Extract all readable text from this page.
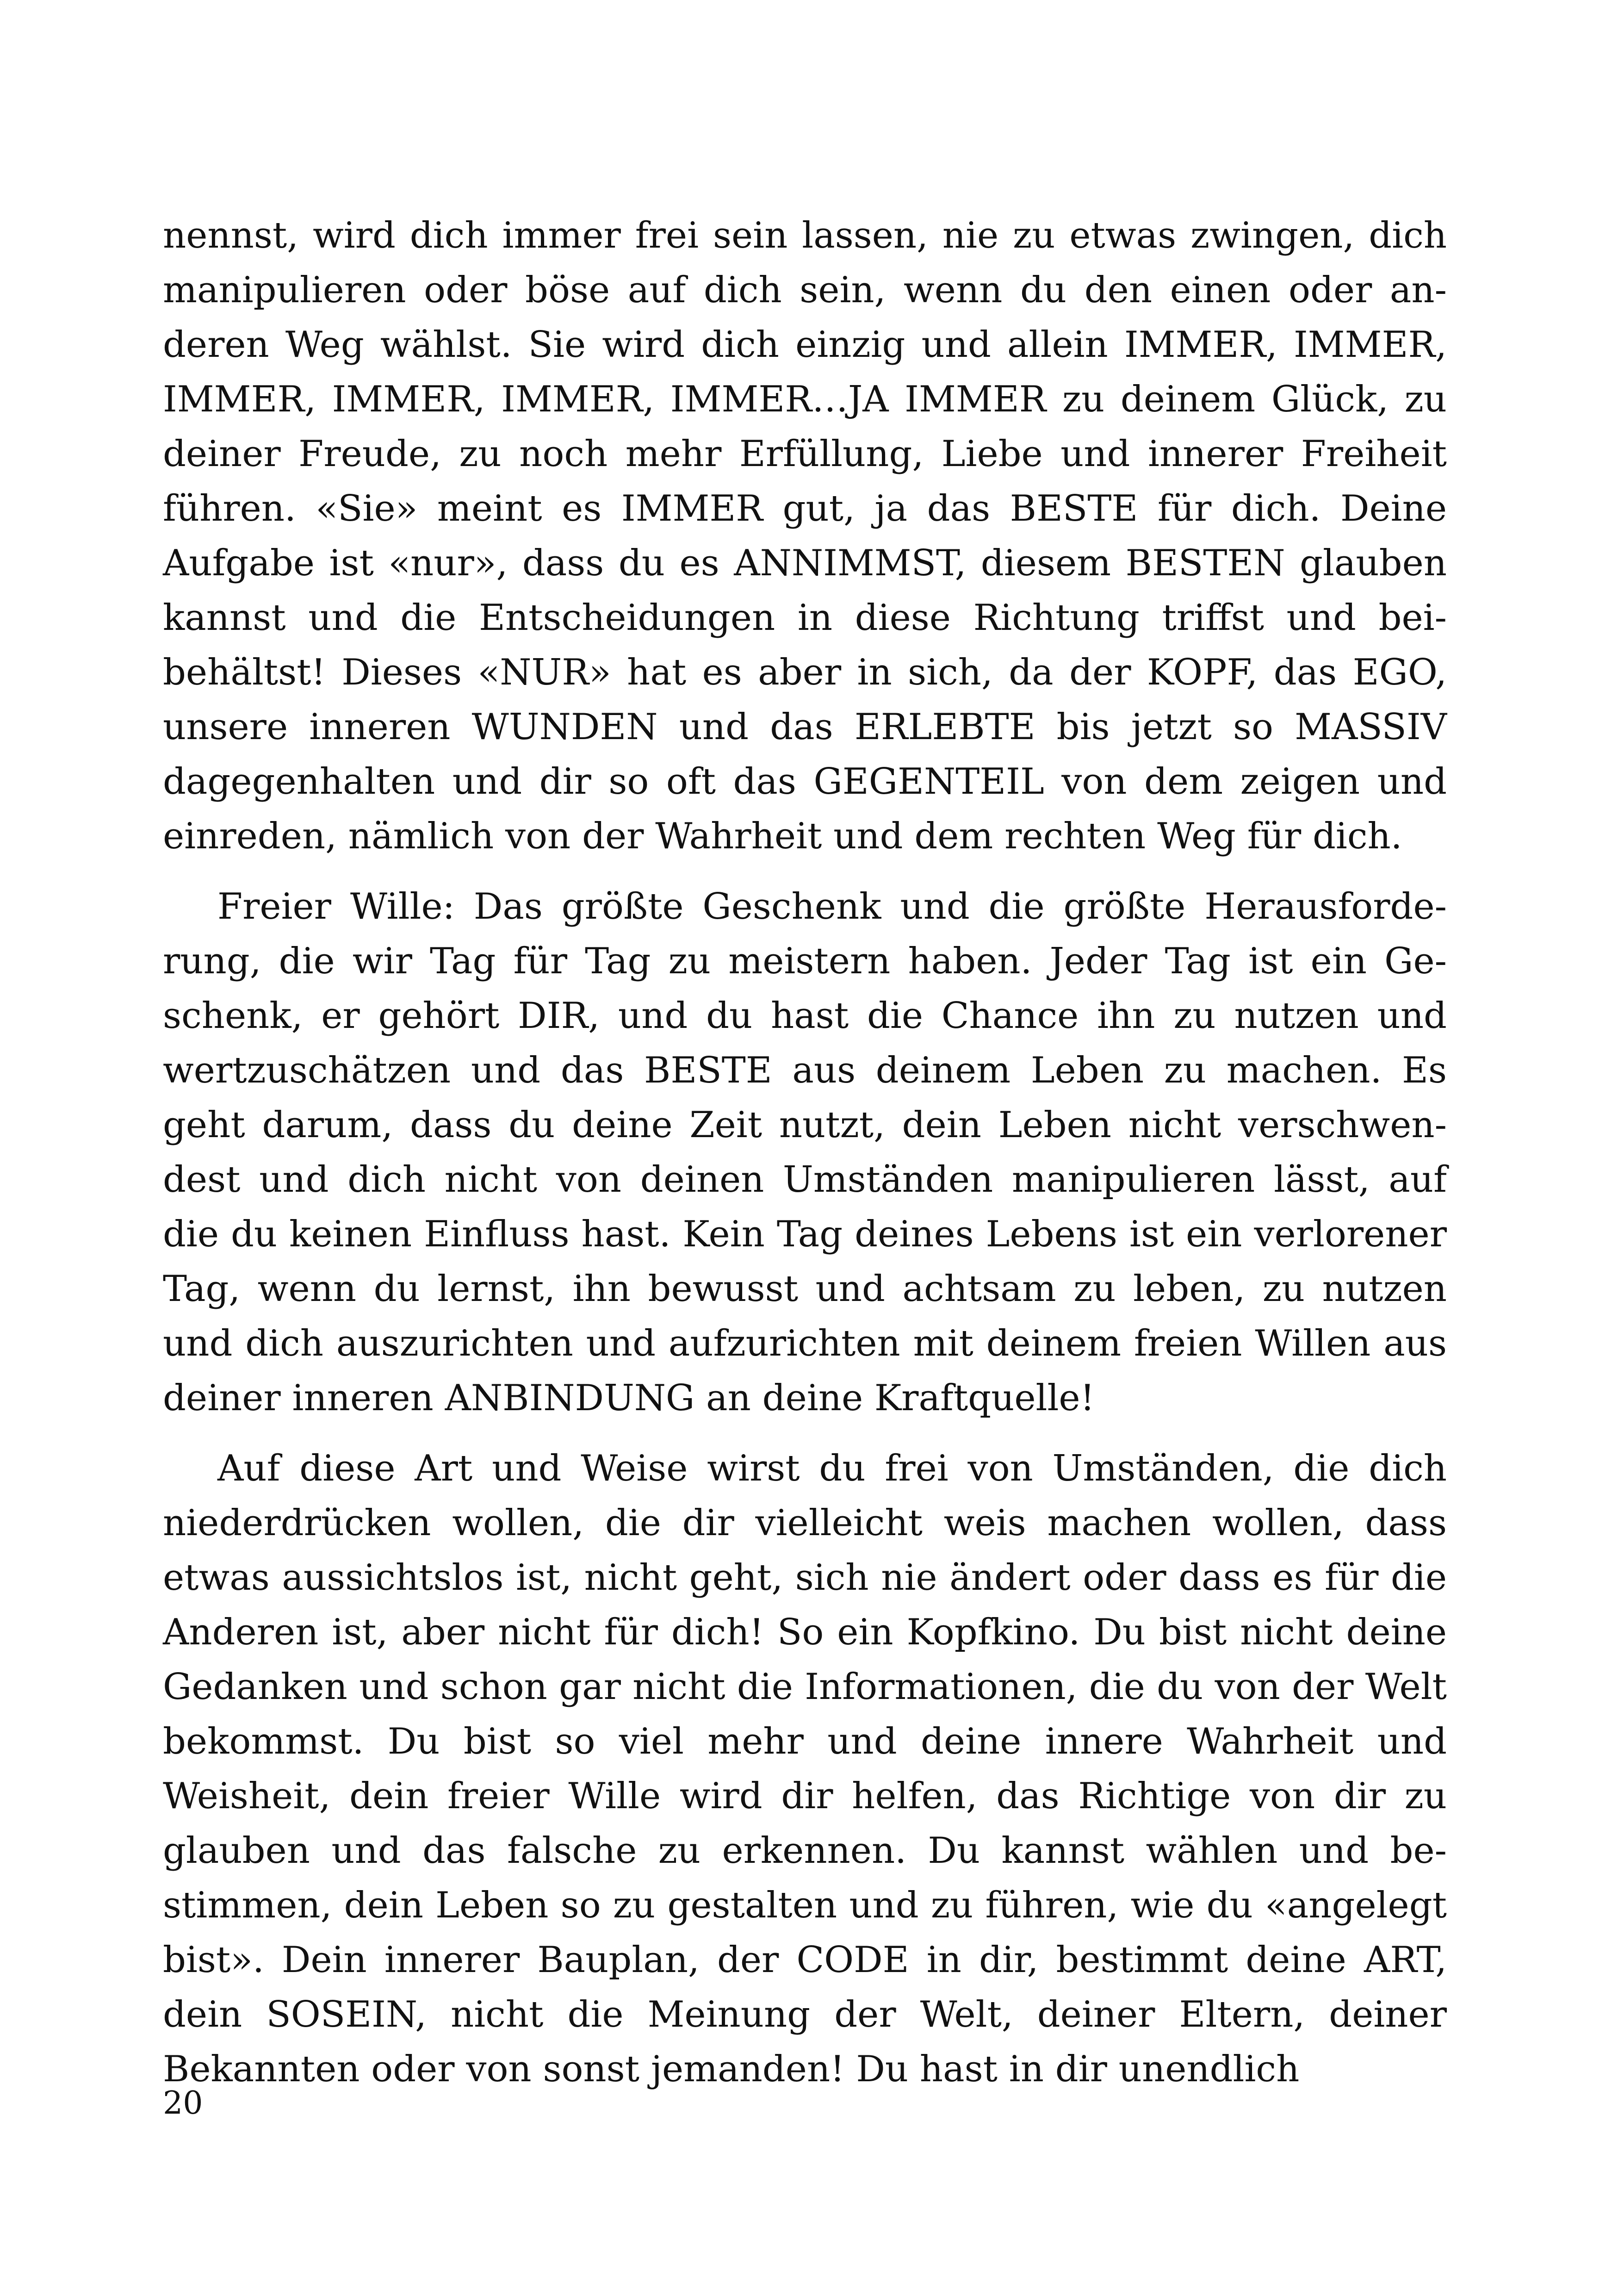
nennst, wird dich immer frei sein lassen, nie zu etwas zwingen, dich manipulieren oder böse auf dich sein, wenn du den einen oder anderen Weg wählst. Sie wird dich einzig und allein IMMER, IMMER, IMMER, IMMER, IMMER, IMMER…JA IMMER zu deinem Glück, zu deiner Freude, zu noch mehr Erfüllung, Liebe und innerer Freiheit führen. «Sie» meint es IMMER gut, ja das BESTE für dich. Deine Aufgabe ist «nur», dass du es ANNIMMST, diesem BESTEN glauben kannst und die Entscheidungen in diese Richtung triffst und beibehältst! Dieses «NUR» hat es aber in sich, da der KOPF, das EGO, unsere inneren WUNDEN und das ERLEBTE bis jetzt so MASSIV dagegenhalten und dir so oft das GEGENTEIL von dem zeigen und einreden, nämlich von der Wahrheit und dem rechten Weg für dich.

Freier Wille: Das größte Geschenk und die größte Herausforderung, die wir Tag für Tag zu meistern haben. Jeder Tag ist ein Geschenk, er gehört DIR, und du hast die Chance ihn zu nutzen und wertzuschätzen und das BESTE aus deinem Leben zu machen. Es geht darum, dass du deine Zeit nutzt, dein Leben nicht verschwendest und dich nicht von deinen Umständen manipulieren lässt, auf die du keinen Einfluss hast. Kein Tag deines Lebens ist ein verlorener Tag, wenn du lernst, ihn bewusst und achtsam zu leben, zu nutzen und dich auszurichten und aufzurichten mit deinem freien Willen aus deiner inneren ANBINDUNG an deine Kraftquelle!

Auf diese Art und Weise wirst du frei von Umständen, die dich niederdrücken wollen, die dir vielleicht weis machen wollen, dass etwas aussichtslos ist, nicht geht, sich nie ändert oder dass es für die Anderen ist, aber nicht für dich! So ein Kopfkino. Du bist nicht deine Gedanken und schon gar nicht die Informationen, die du von der Welt bekommst. Du bist so viel mehr und deine innere Wahrheit und Weisheit, dein freier Wille wird dir helfen, das Richtige von dir zu glauben und das falsche zu erkennen. Du kannst wählen und bestimmen, dein Leben so zu gestalten und zu führen, wie du «angelegt bist». Dein innerer Bauplan, der CODE in dir, bestimmt deine ART, dein SOSEIN, nicht die Meinung der Welt, deiner Eltern, deiner Bekannten oder von sonst jemanden! Du hast in dir unendlich

20
